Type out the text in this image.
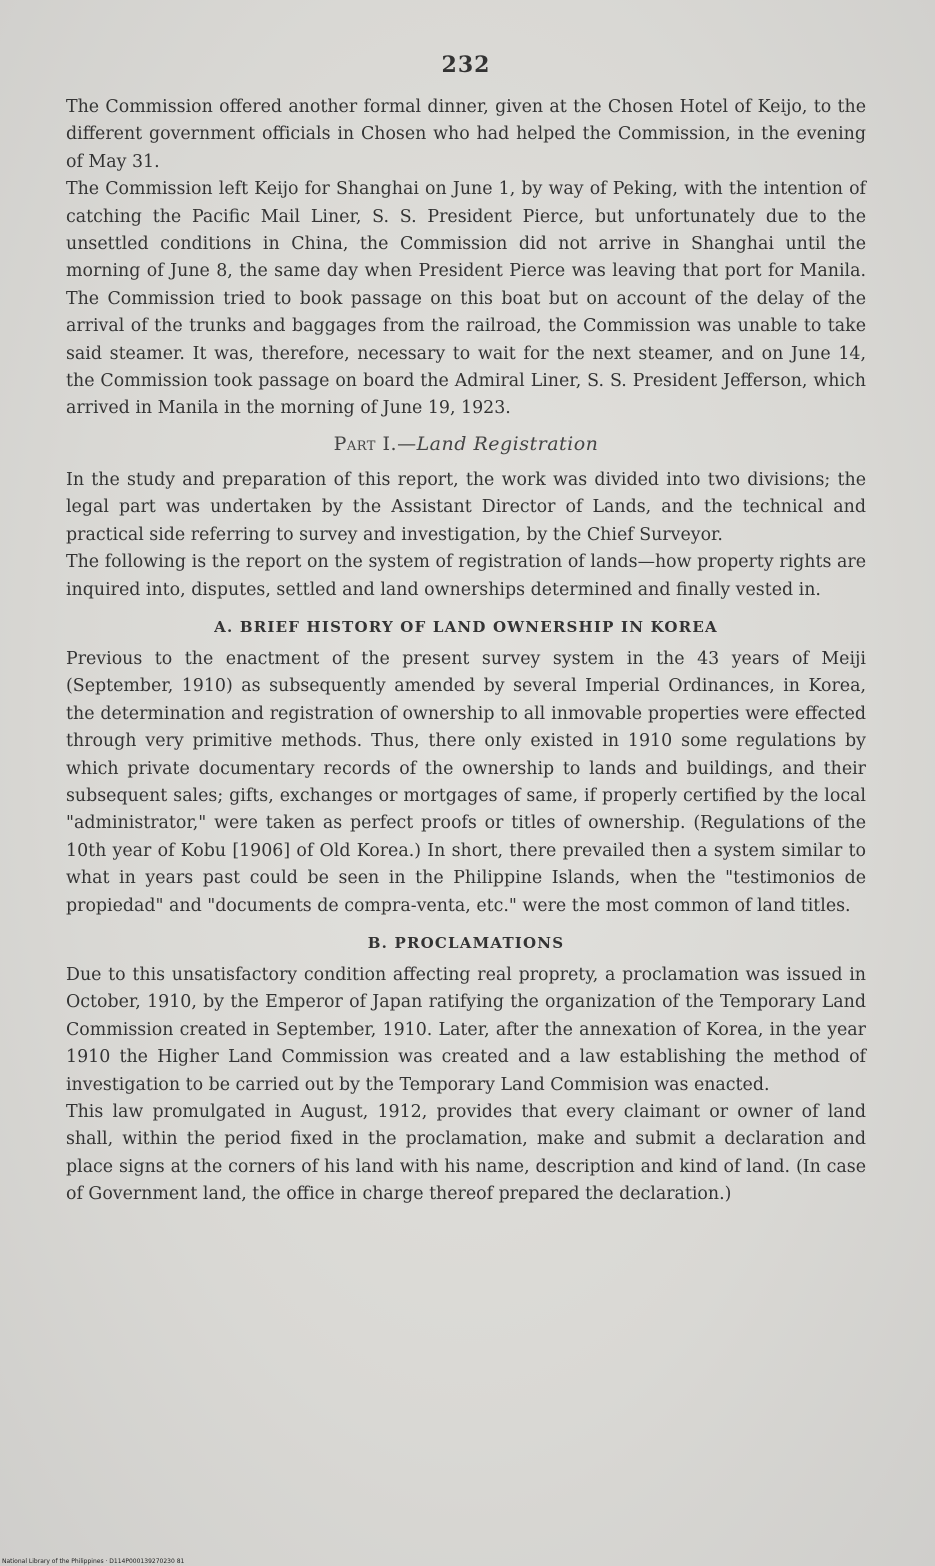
232

The Commission offered another formal dinner, given at the Chosen Hotel of Keijo, to the different government officials in Chosen who had helped the Commission, in the evening of May 31.

The Commission left Keijo for Shanghai on June 1, by way of Peking, with the intention of catching the Pacific Mail Liner, S. S. President Pierce, but unfortunately due to the unsettled conditions in China, the Commission did not arrive in Shanghai until the morning of June 8, the same day when President Pierce was leaving that port for Manila. The Commission tried to book passage on this boat but on account of the delay of the arrival of the trunks and baggages from the railroad, the Commission was unable to take said steamer. It was, therefore, necessary to wait for the next steamer, and on June 14, the Commission took passage on board the Admiral Liner, S. S. President Jefferson, which arrived in Manila in the morning of June 19, 1923.

Part I.—Land Registration

In the study and preparation of this report, the work was divided into two divisions; the legal part was undertaken by the Assistant Director of Lands, and the technical and practical side referring to survey and investigation, by the Chief Surveyor.

The following is the report on the system of registration of lands—how property rights are inquired into, disputes, settled and land ownerships determined and finally vested in.

A. BRIEF HISTORY OF LAND OWNERSHIP IN KOREA

Previous to the enactment of the present survey system in the 43 years of Meiji (September, 1910) as subsequently amended by several Imperial Ordinances, in Korea, the determination and registration of ownership to all inmovable properties were effected through very primitive methods. Thus, there only existed in 1910 some regulations by which private documentary records of the ownership to lands and buildings, and their subsequent sales; gifts, exchanges or mortgages of same, if properly certified by the local "administrator," were taken as perfect proofs or titles of ownership. (Regulations of the 10th year of Kobu [1906] of Old Korea.) In short, there prevailed then a system similar to what in years past could be seen in the Philippine Islands, when the "testimonios de propiedad" and "documents de compra-venta, etc." were the most common of land titles.

B. PROCLAMATIONS

Due to this unsatisfactory condition affecting real proprety, a proclamation was issued in October, 1910, by the Emperor of Japan ratifying the organization of the Temporary Land Commission created in September, 1910. Later, after the annexation of Korea, in the year 1910 the Higher Land Commission was created and a law establishing the method of investigation to be carried out by the Temporary Land Commision was enacted.

This law promulgated in August, 1912, provides that every claimant or owner of land shall, within the period fixed in the proclamation, make and submit a declaration and place signs at the corners of his land with his name, description and kind of land. (In case of Government land, the office in charge thereof prepared the declaration.)

National Library of the Philippines · D114P000139270230 81
